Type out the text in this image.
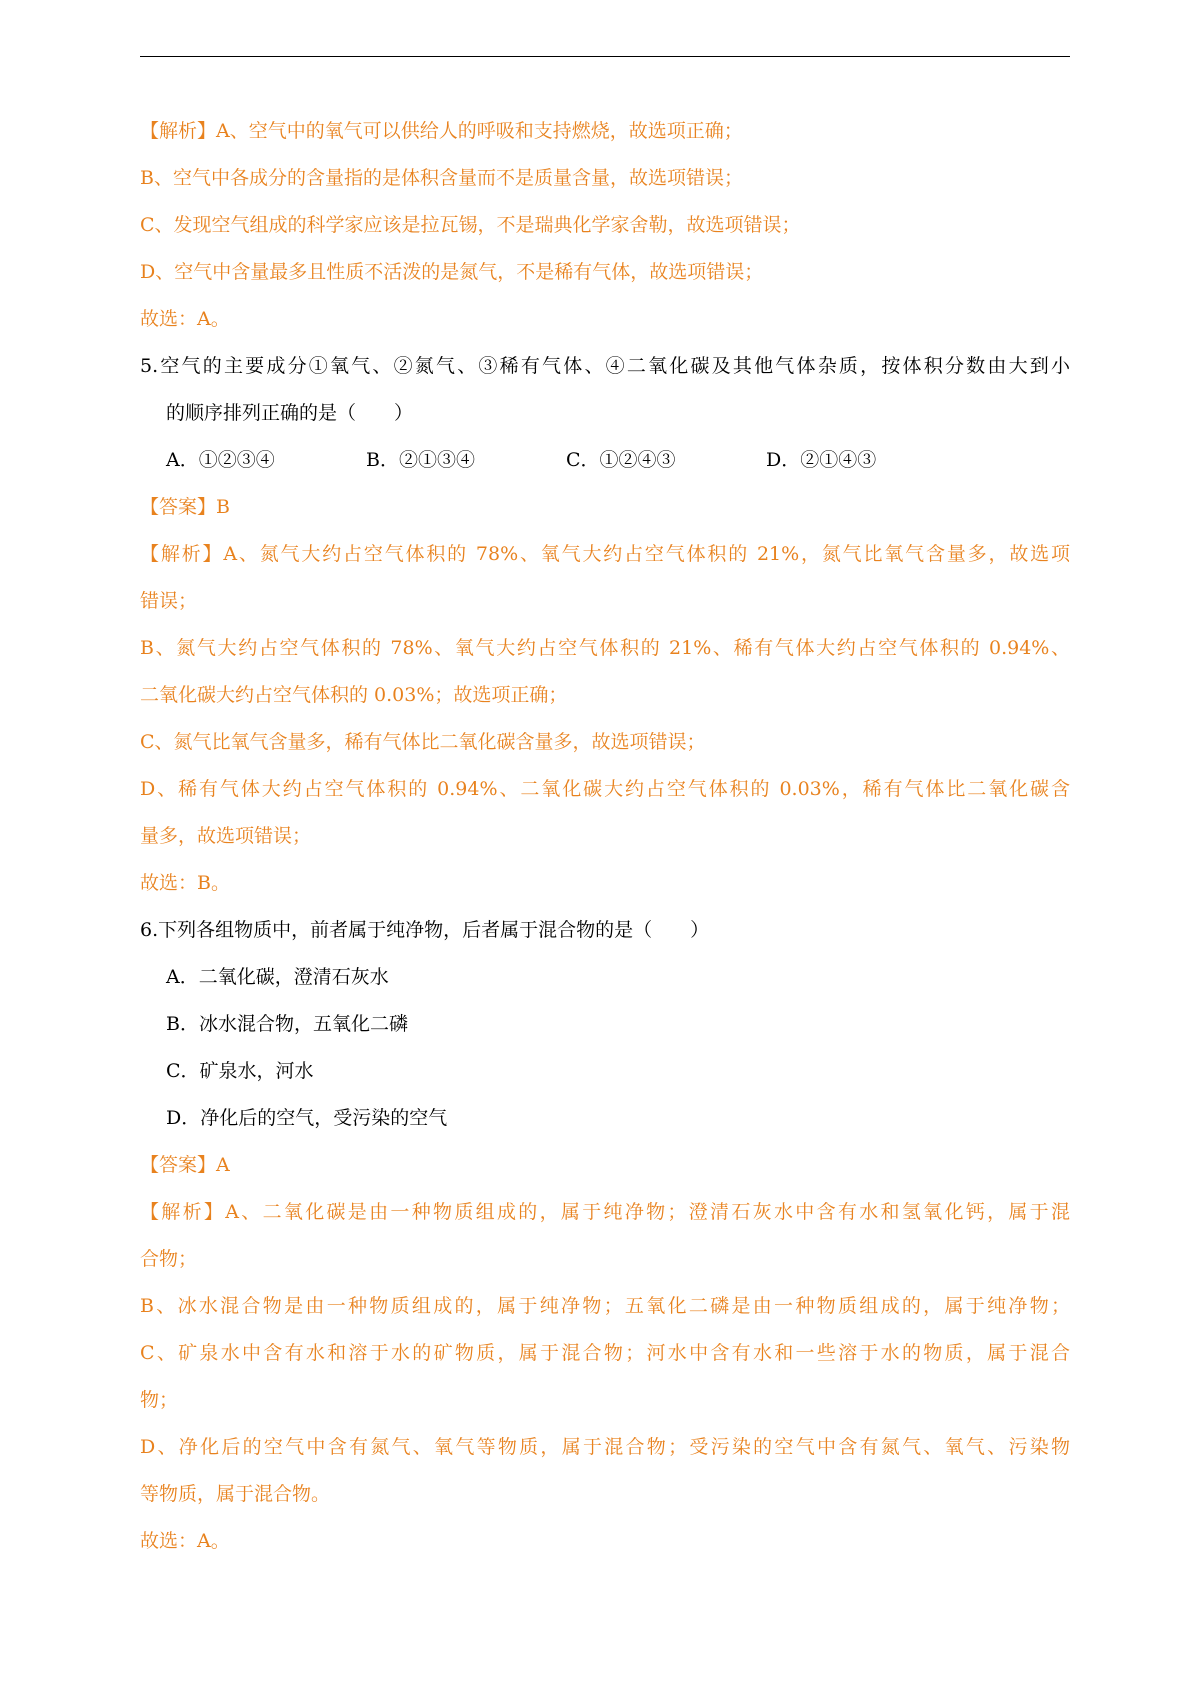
【解析】A、空气中的氧气可以供给人的呼吸和支持燃烧，故选项正确；
B、空气中各成分的含量指的是体积含量而不是质量含量，故选项错误；
C、发现空气组成的科学家应该是拉瓦锡，不是瑞典化学家舍勒，故选项错误；
D、空气中含量最多且性质不活泼的是氮气，不是稀有气体，故选项错误；
故选：A。
5.空气的主要成分①氧气、②氮气、③稀有气体、④二氧化碳及其他气体杂质，按体积分数由大到小
的顺序排列正确的是（　　）
A．①②③④	B．②①③④	C．①②④③	D．②①④③
【答案】B
【解析】A、氮气大约占空气体积的 78%、氧气大约占空气体积的 21%，氮气比氧气含量多，故选项
错误；
B、氮气大约占空气体积的 78%、氧气大约占空气体积的 21%、稀有气体大约占空气体积的 0.94%、
二氧化碳大约占空气体积的 0.03%；故选项正确；
C、氮气比氧气含量多，稀有气体比二氧化碳含量多，故选项错误；
D、稀有气体大约占空气体积的 0.94%、二氧化碳大约占空气体积的 0.03%，稀有气体比二氧化碳含
量多，故选项错误；
故选：B。
6.下列各组物质中，前者属于纯净物，后者属于混合物的是（　　）
A．二氧化碳，澄清石灰水
B．冰水混合物，五氧化二磷
C．矿泉水，河水
D．净化后的空气，受污染的空气
【答案】A
【解析】A、二氧化碳是由一种物质组成的，属于纯净物；澄清石灰水中含有水和氢氧化钙，属于混
合物；
B、冰水混合物是由一种物质组成的，属于纯净物；五氧化二磷是由一种物质组成的，属于纯净物；
C、矿泉水中含有水和溶于水的矿物质，属于混合物；河水中含有水和一些溶于水的物质，属于混合
物；
D、净化后的空气中含有氮气、氧气等物质，属于混合物；受污染的空气中含有氮气、氧气、污染物
等物质，属于混合物。
故选：A。
